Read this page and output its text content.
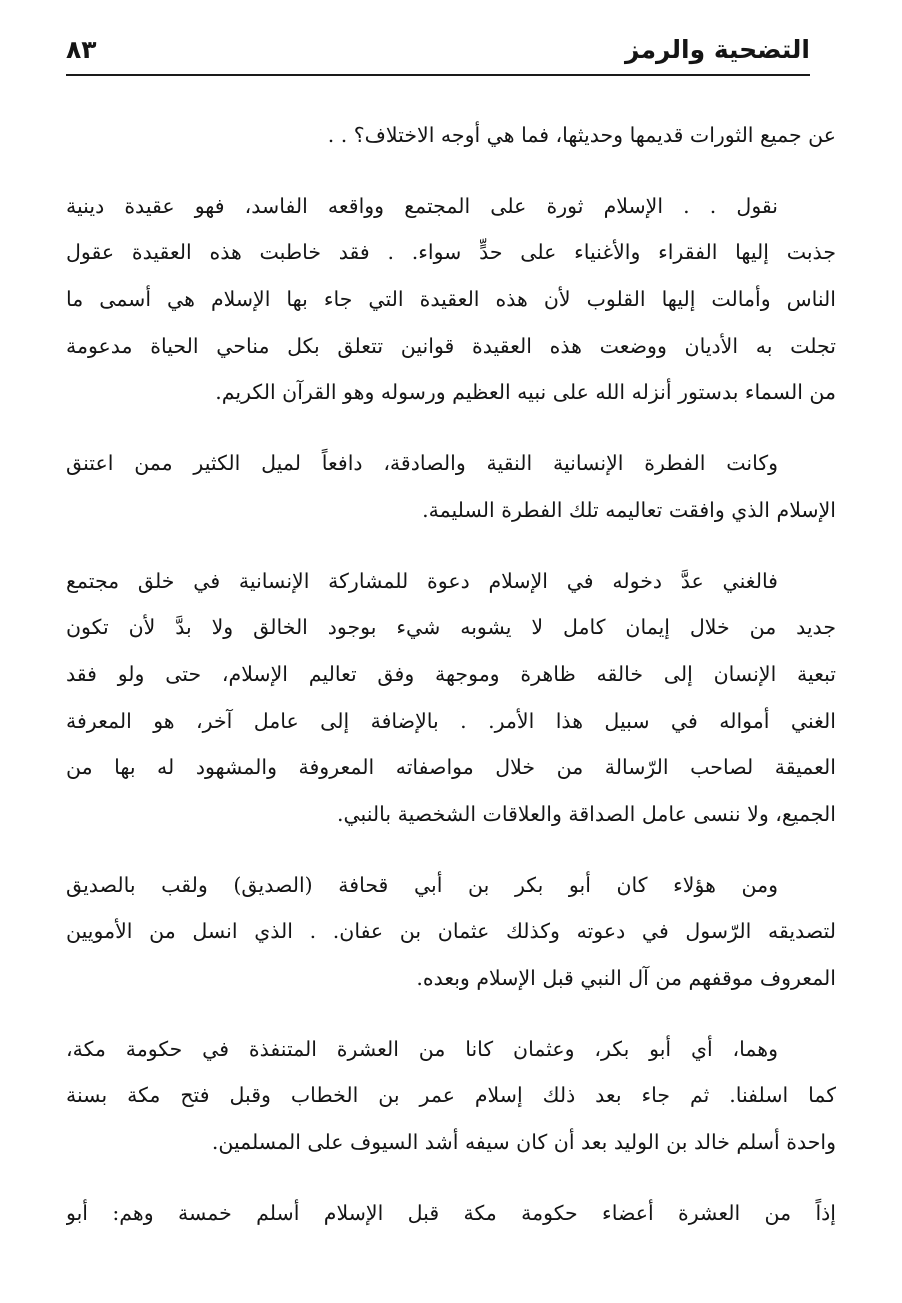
التضحية والرمز
٨٣
عن جميع الثورات قديمها وحديثها، فما هي أوجه الاختلاف؟ . .
نقول . . الإسلام ثورة على المجتمع وواقعه الفاسد، فهو عقيدة دينية
جذبت إليها الفقراء والأغنياء على حدٍّ سواء. . فقد خاطبت هذه العقيدة عقول
الناس وأمالت إليها القلوب لأن هذه العقيدة التي جاء بها الإسلام هي أسمى ما
تجلت به الأديان ووضعت هذه العقيدة قوانين تتعلق بكل مناحي الحياة مدعومة
من السماء بدستور أنزله الله على نبيه العظيم ورسوله وهو القرآن الكريم.
وكانت الفطرة الإنسانية النقية والصادقة، دافعاً لميل الكثير ممن اعتنق
الإسلام الذي وافقت تعاليمه تلك الفطرة السليمة.
فالغني عدَّ دخوله في الإسلام دعوة للمشاركة الإنسانية في خلق مجتمع
جديد من خلال إيمان كامل لا يشوبه شيء بوجود الخالق ولا بدَّ لأن تكون
تبعية الإنسان إلى خالقه ظاهرة وموجهة وفق تعاليم الإسلام، حتى ولو فقد
الغني أمواله في سبيل هذا الأمر. . بالإضافة إلى عامل آخر، هو المعرفة
العميقة لصاحب الرّسالة من خلال مواصفاته المعروفة والمشهود له بها من
الجميع، ولا ننسى عامل الصداقة والعلاقات الشخصية بالنبي.
ومن هؤلاء كان أبو بكر بن أبي قحافة (الصديق) ولقب بالصديق
لتصديقه الرّسول في دعوته وكذلك عثمان بن عفان. . الذي انسل من الأمويين
المعروف موقفهم من آل النبي قبل الإسلام وبعده.
وهما، أي أبو بكر، وعثمان كانا من العشرة المتنفذة في حكومة مكة،
كما اسلفنا. ثم جاء بعد ذلك إسلام عمر بن الخطاب وقبل فتح مكة بسنة
واحدة أسلم خالد بن الوليد بعد أن كان سيفه أشد السيوف على المسلمين.
إذاً من العشرة أعضاء حكومة مكة قبل الإسلام أسلم خمسة وهم: أبو
